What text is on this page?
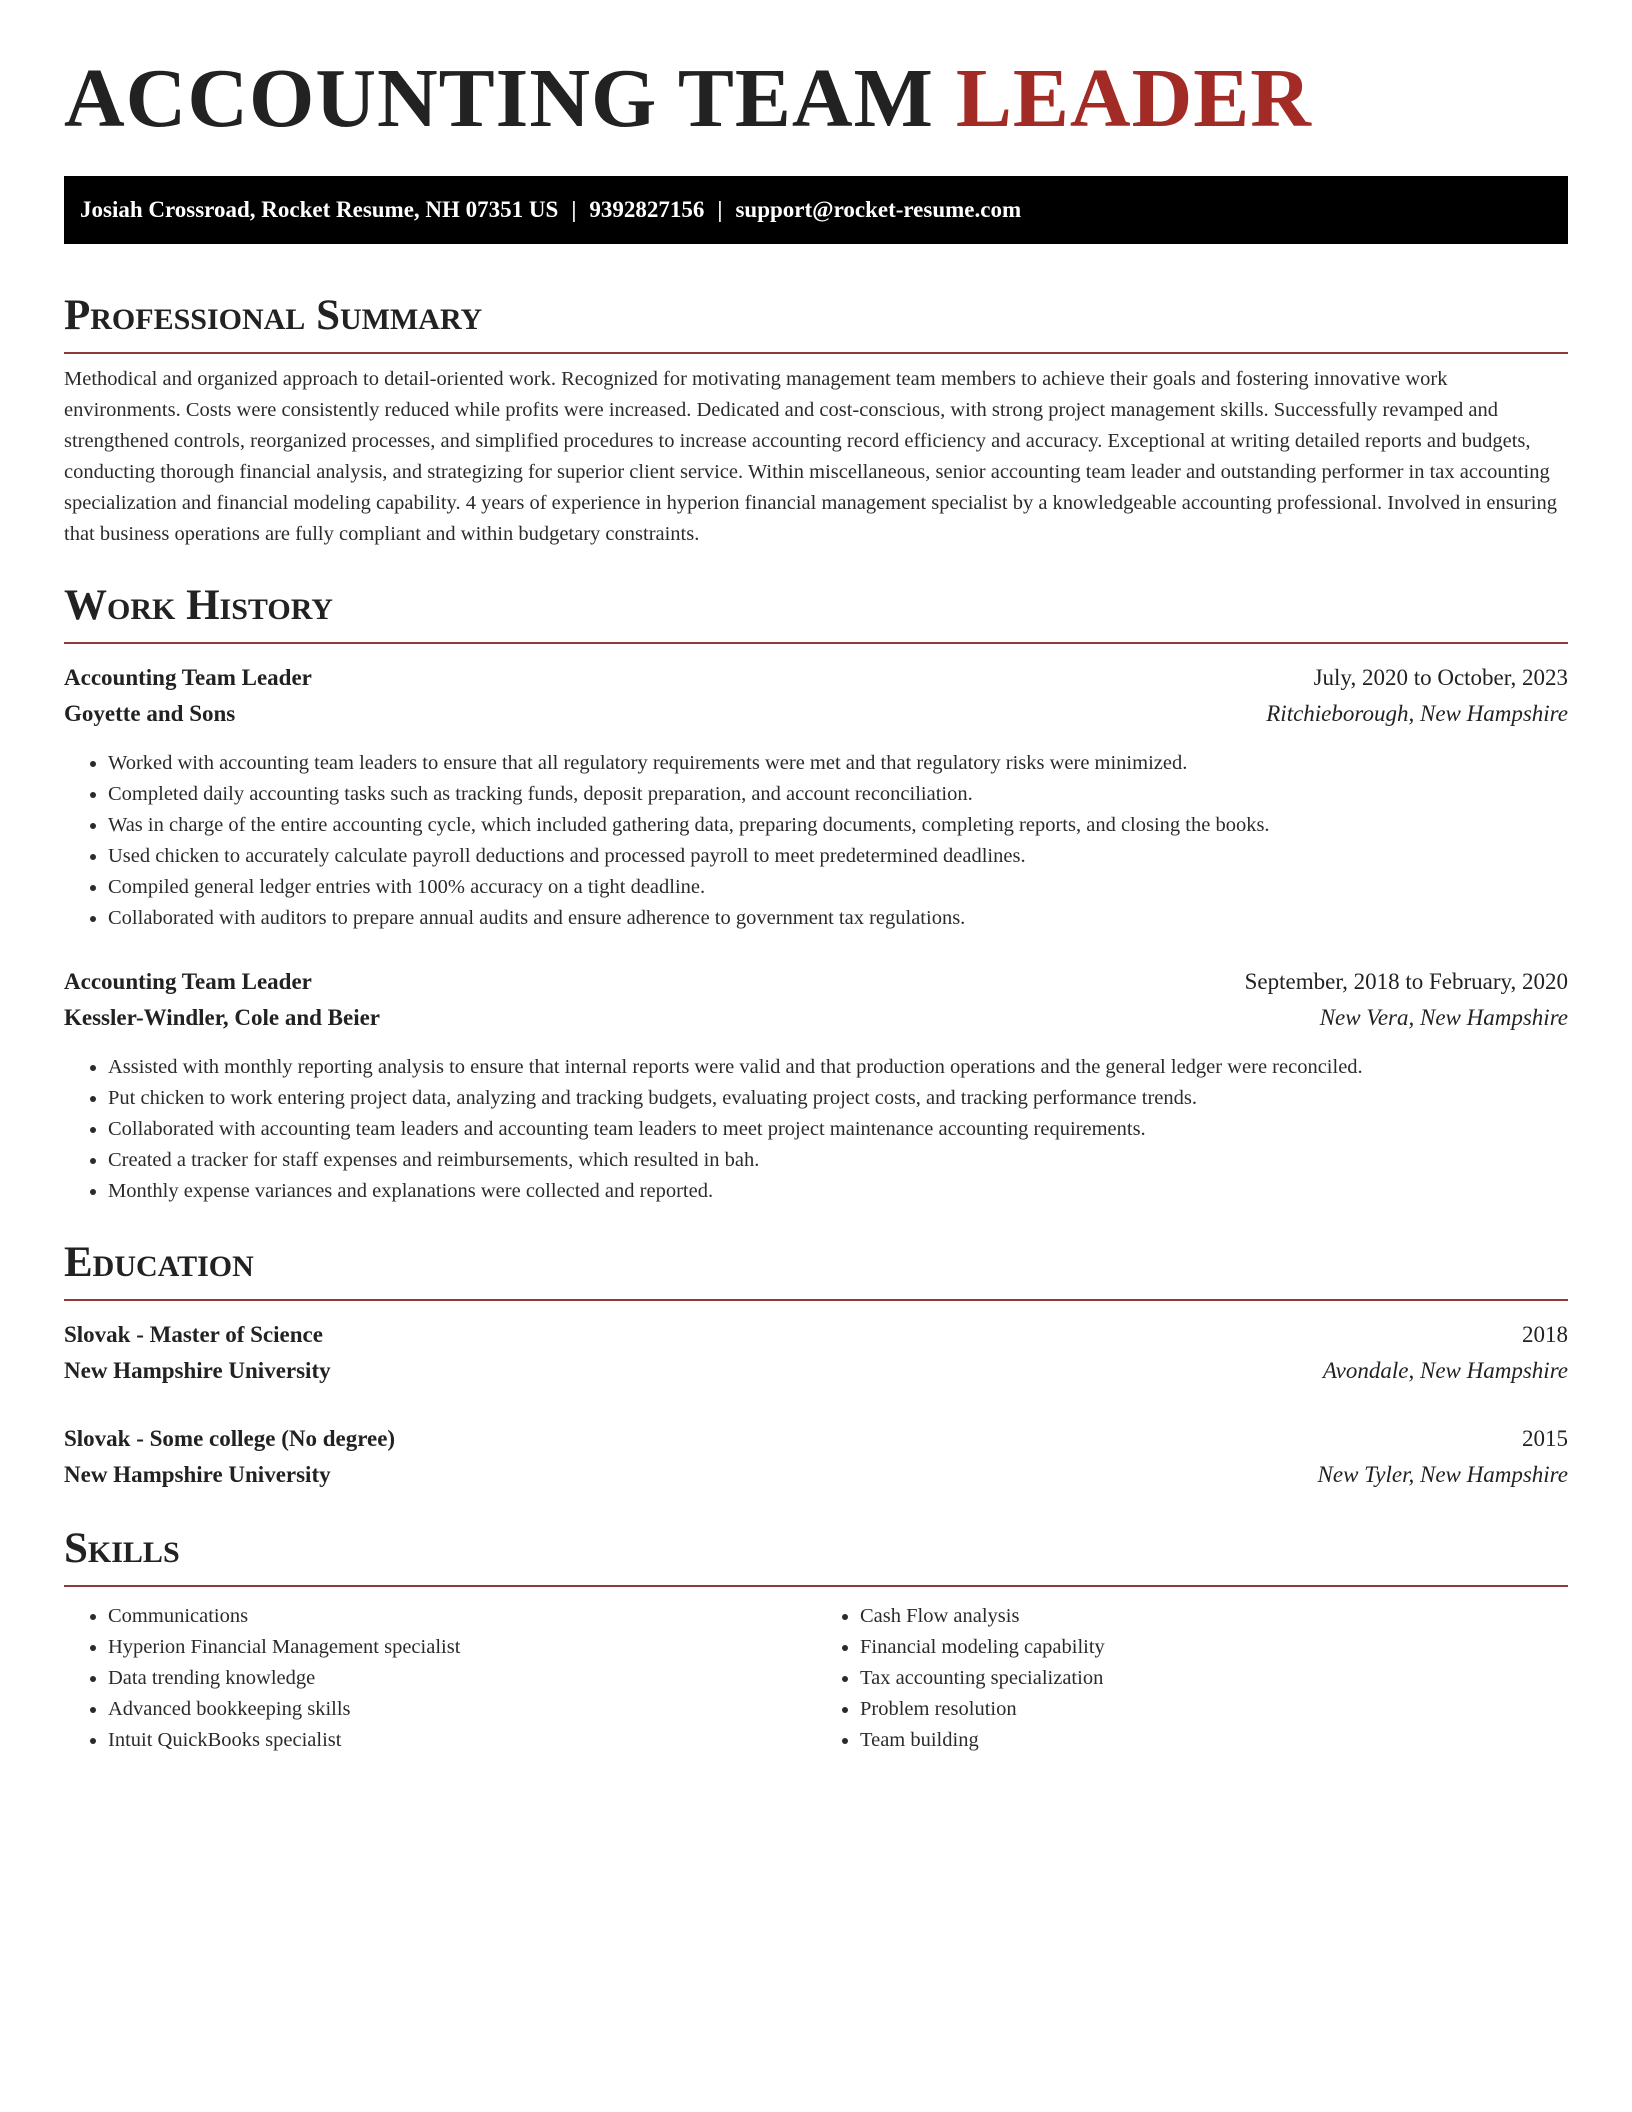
ACCOUNTING TEAM LEADER
Josiah Crossroad, Rocket Resume, NH 07351 US | 9392827156 | support@rocket-resume.com
Professional Summary

Methodical and organized approach to detail-oriented work. Recognized for motivating management team members to achieve their goals and fostering innovative work environments. Costs were consistently reduced while profits were increased. Dedicated and cost-conscious, with strong project management skills. Successfully revamped and strengthened controls, reorganized processes, and simplified procedures to increase accounting record efficiency and accuracy. Exceptional at writing detailed reports and budgets, conducting thorough financial analysis, and strategizing for superior client service. Within miscellaneous, senior accounting team leader and outstanding performer in tax accounting specialization and financial modeling capability. 4 years of experience in hyperion financial management specialist by a knowledgeable accounting professional. Involved in ensuring that business operations are fully compliant and within budgetary constraints.

Work History
Accounting Team Leader	July, 2020 to October, 2023
Goyette and Sons	Ritchieborough, New Hampshire
• Worked with accounting team leaders to ensure that all regulatory requirements were met and that regulatory risks were minimized.
• Completed daily accounting tasks such as tracking funds, deposit preparation, and account reconciliation.
• Was in charge of the entire accounting cycle, which included gathering data, preparing documents, completing reports, and closing the books.
• Used chicken to accurately calculate payroll deductions and processed payroll to meet predetermined deadlines.
• Compiled general ledger entries with 100% accuracy on a tight deadline.
• Collaborated with auditors to prepare annual audits and ensure adherence to government tax regulations.
Accounting Team Leader	September, 2018 to February, 2020
Kessler-Windler, Cole and Beier	New Vera, New Hampshire
• Assisted with monthly reporting analysis to ensure that internal reports were valid and that production operations and the general ledger were reconciled.
• Put chicken to work entering project data, analyzing and tracking budgets, evaluating project costs, and tracking performance trends.
• Collaborated with accounting team leaders and accounting team leaders to meet project maintenance accounting requirements.
• Created a tracker for staff expenses and reimbursements, which resulted in bah.
• Monthly expense variances and explanations were collected and reported.
Education
Slovak - Master of Science	2018
New Hampshire University	Avondale, New Hampshire
Slovak - Some college (No degree)	2015
New Hampshire University	New Tyler, New Hampshire
Skills
• Communications
• Hyperion Financial Management specialist
• Data trending knowledge
• Advanced bookkeeping skills
• Intuit QuickBooks specialist
• Cash Flow analysis
• Financial modeling capability
• Tax accounting specialization
• Problem resolution
• Team building
